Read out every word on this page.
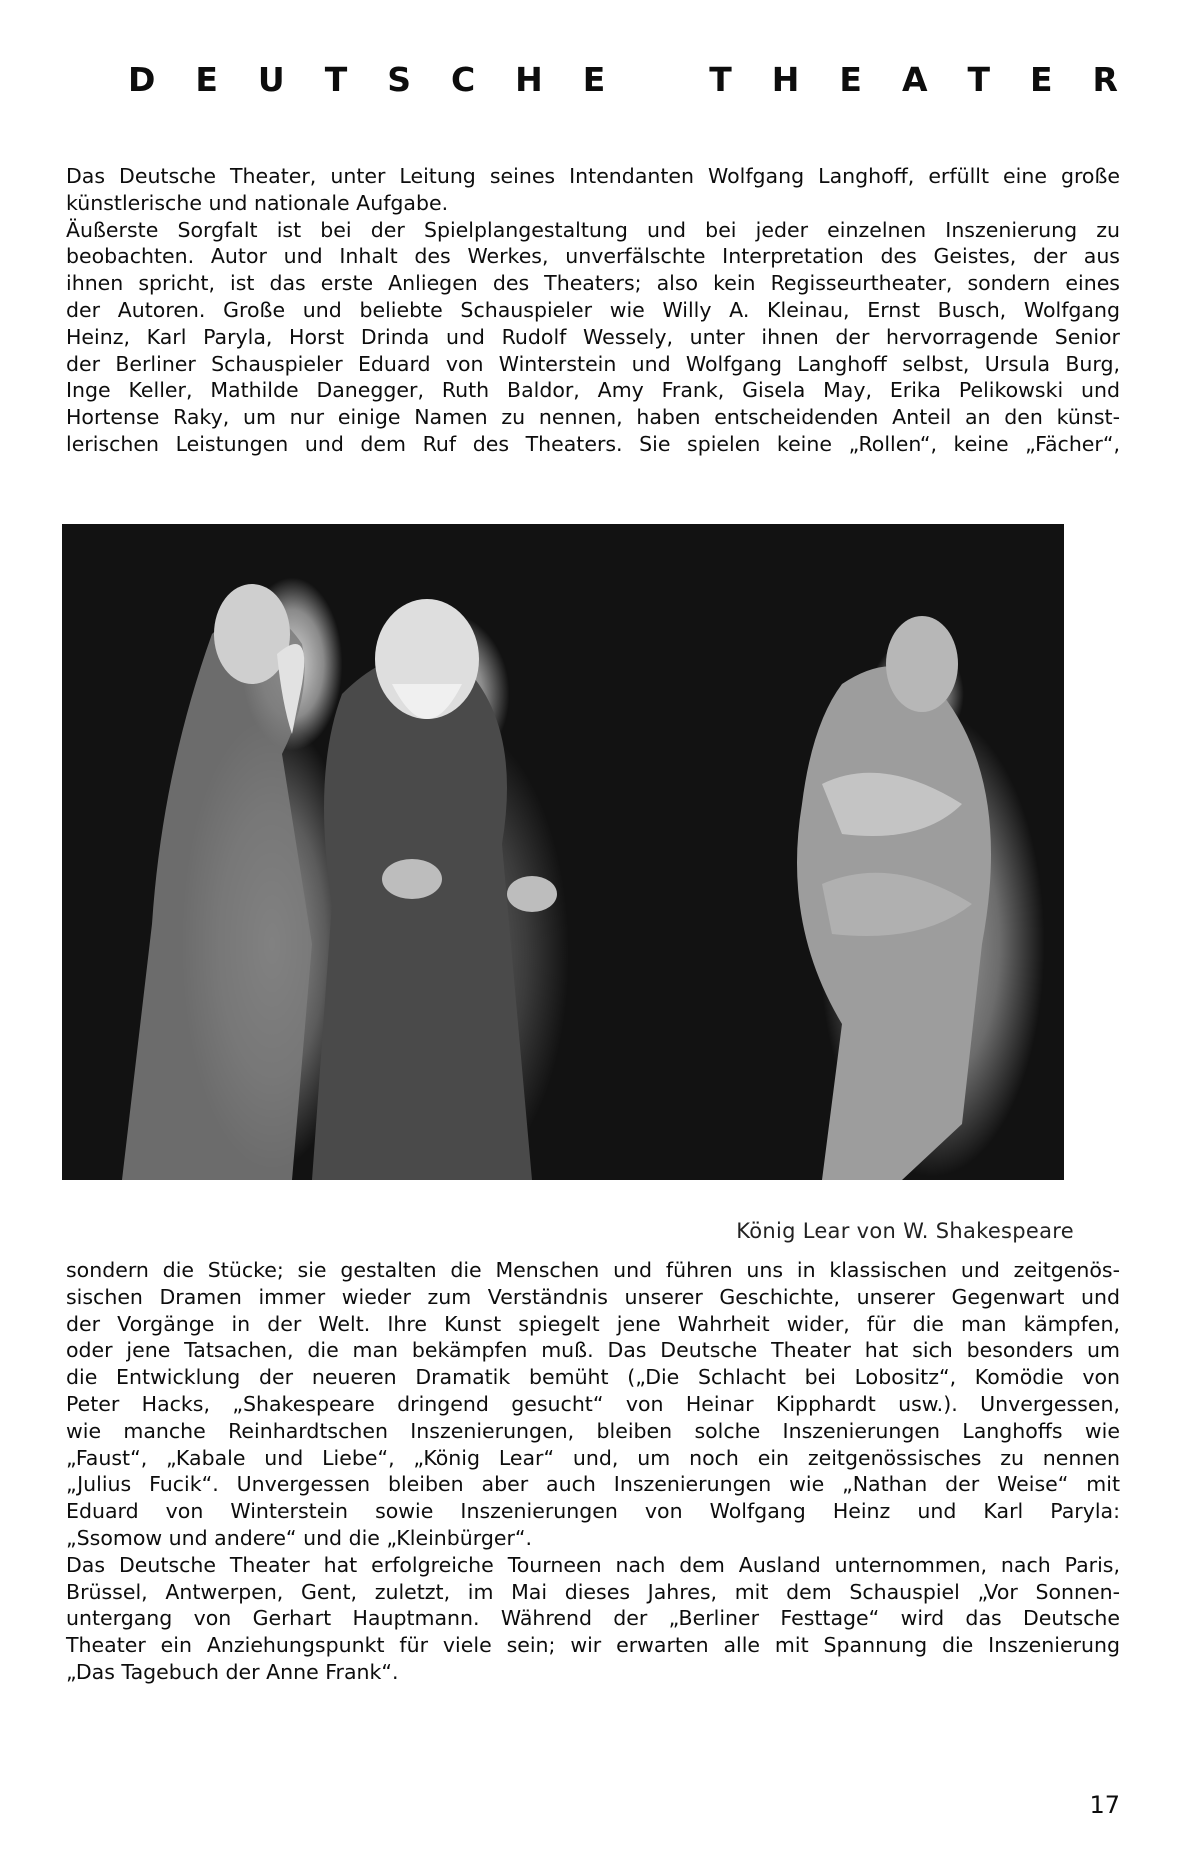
D E U T S C H E	T H E A T E R

Das Deutsche Theater, unter Leitung seines Intendanten Wolfgang Langhoff, erfüllt eine große

künstlerische und nationale Aufgabe.

Äußerste Sorgfalt ist bei der Spielplangestaltung und bei jeder einzelnen Inszenierung zu

beobachten. Autor und Inhalt des Werkes, unverfälschte Interpretation des Geistes, der aus

ihnen spricht, ist das erste Anliegen des Theaters; also kein Regisseurtheater, sondern eines

der Autoren. Große und beliebte Schauspieler wie Willy A. Kleinau, Ernst Busch, Wolfgang

Heinz, Karl Paryla, Horst Drinda und Rudolf Wessely, unter ihnen der hervorragende Senior

der Berliner Schauspieler Eduard von Winterstein und Wolfgang Langhoff selbst, Ursula Burg,

Inge Keller, Mathilde Danegger, Ruth Baldor, Amy Frank, Gisela May, Erika Pelikowski und

Hortense Raky, um nur einige Namen zu nennen, haben entscheidenden Anteil an den künst-

lerischen Leistungen und dem Ruf des Theaters. Sie spielen keine „Rollen“, keine „Fächer“,

König Lear von W. Shakespeare

sondern die Stücke; sie gestalten die Menschen und führen uns in klassischen und zeitgenös-

sischen Dramen immer wieder zum Verständnis unserer Geschichte, unserer Gegenwart und

der Vorgänge in der Welt. Ihre Kunst spiegelt jene Wahrheit wider, für die man kämpfen,

oder jene Tatsachen, die man bekämpfen muß. Das Deutsche Theater hat sich besonders um

die Entwicklung der neueren Dramatik bemüht („Die Schlacht bei Lobositz“, Komödie von

Peter Hacks, „Shakespeare dringend gesucht“ von Heinar Kipphardt usw.). Unvergessen,

wie manche Reinhardtschen Inszenierungen, bleiben solche Inszenierungen Langhoffs wie

„Faust“, „Kabale und Liebe“, „König Lear“ und, um noch ein zeitgenössisches zu nennen

„Julius Fucik“. Unvergessen bleiben aber auch Inszenierungen wie „Nathan der Weise“ mit

Eduard von Winterstein sowie Inszenierungen von Wolfgang Heinz und Karl Paryla:

„Ssomow und andere“ und die „Kleinbürger“.

Das Deutsche Theater hat erfolgreiche Tourneen nach dem Ausland unternommen, nach Paris,

Brüssel, Antwerpen, Gent, zuletzt, im Mai dieses Jahres, mit dem Schauspiel „Vor Sonnen-

untergang von Gerhart Hauptmann. Während der „Berliner Festtage“ wird das Deutsche

Theater ein Anziehungspunkt für viele sein; wir erwarten alle mit Spannung die Inszenierung

„Das Tagebuch der Anne Frank“.

17
